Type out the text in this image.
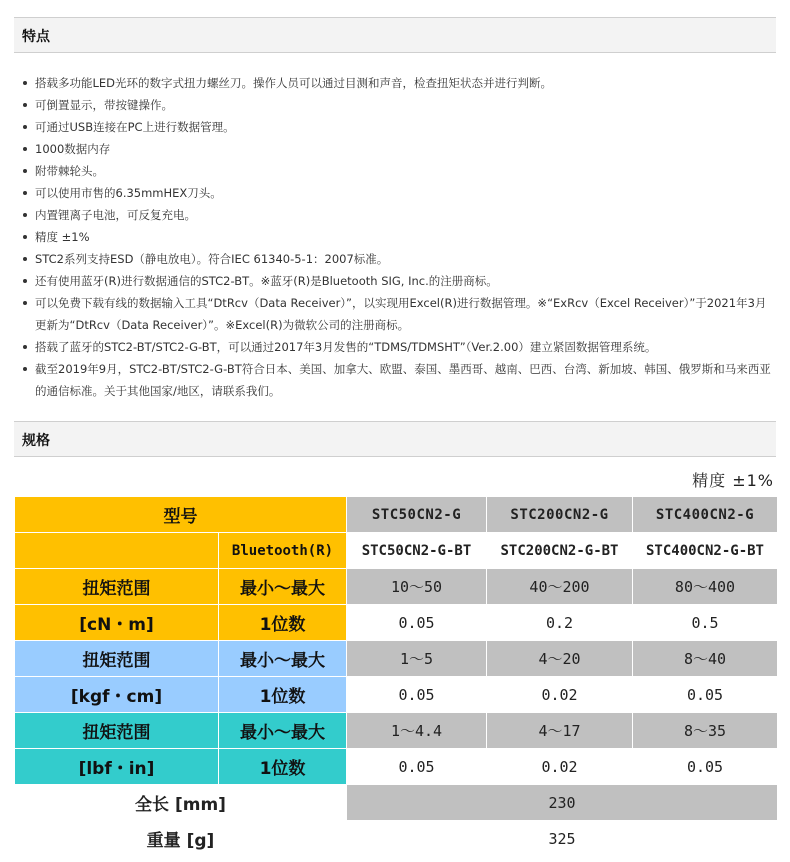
特点
搭载多功能LED光环的数字式扭力螺丝刀。操作人员可以通过目测和声音，检查扭矩状态并进行判断。
可倒置显示，带按键操作。
可通过USB连接在PC上进行数据管理。
1000数据内存
附带棘轮头。
可以使用市售的6.35mmHEX刀头。
内置锂离子电池，可反复充电。
精度 ±1%
STC2系列支持ESD（静电放电）。符合IEC 61340-5-1：2007标准。
还有使用蓝牙(R)进行数据通信的STC2-BT。※蓝牙(R)是Bluetooth SIG, Inc.的注册商标。
可以免费下载有线的数据输入工具“DtRcv（Data Receiver）”，以实现用Excel(R)进行数据管理。※“ExRcv（Excel Receiver）”于2021年3月更新为“DtRcv（Data Receiver）”。※Excel(R)为微软公司的注册商标。
搭载了蓝牙的STC2-BT/STC2-G-BT，可以通过2017年3月发售的“TDMS/TDMSHT”（Ver.2.00）建立紧固数据管理系统。
截至2019年9月，STC2-BT/STC2-G-BT符合日本、美国、加拿大、欧盟、泰国、墨西哥、越南、巴西、台湾、新加坡、韩国、俄罗斯和马来西亚的通信标准。关于其他国家/地区，请联系我们。
规格
精度 ±1%
型号		STC50CN2-G	STC200CN2-G	STC400CN2-G
	Bluetooth(R)	STC50CN2-G-BT	STC200CN2-G-BT	STC400CN2-G-BT
扭矩范围	最小～最大	10～50	40～200	80～400
[cN・m]	1位数	0.05	0.2	0.5
扭矩范围	最小～最大	1～5	4～20	8～40
[kgf・cm]	1位数	0.05	0.02	0.05
扭矩范围	最小～最大	1～4.4	4～17	8～35
[lbf・in]	1位数	0.05	0.02	0.05
全长 [mm]		230		
重量 [g]		325		
